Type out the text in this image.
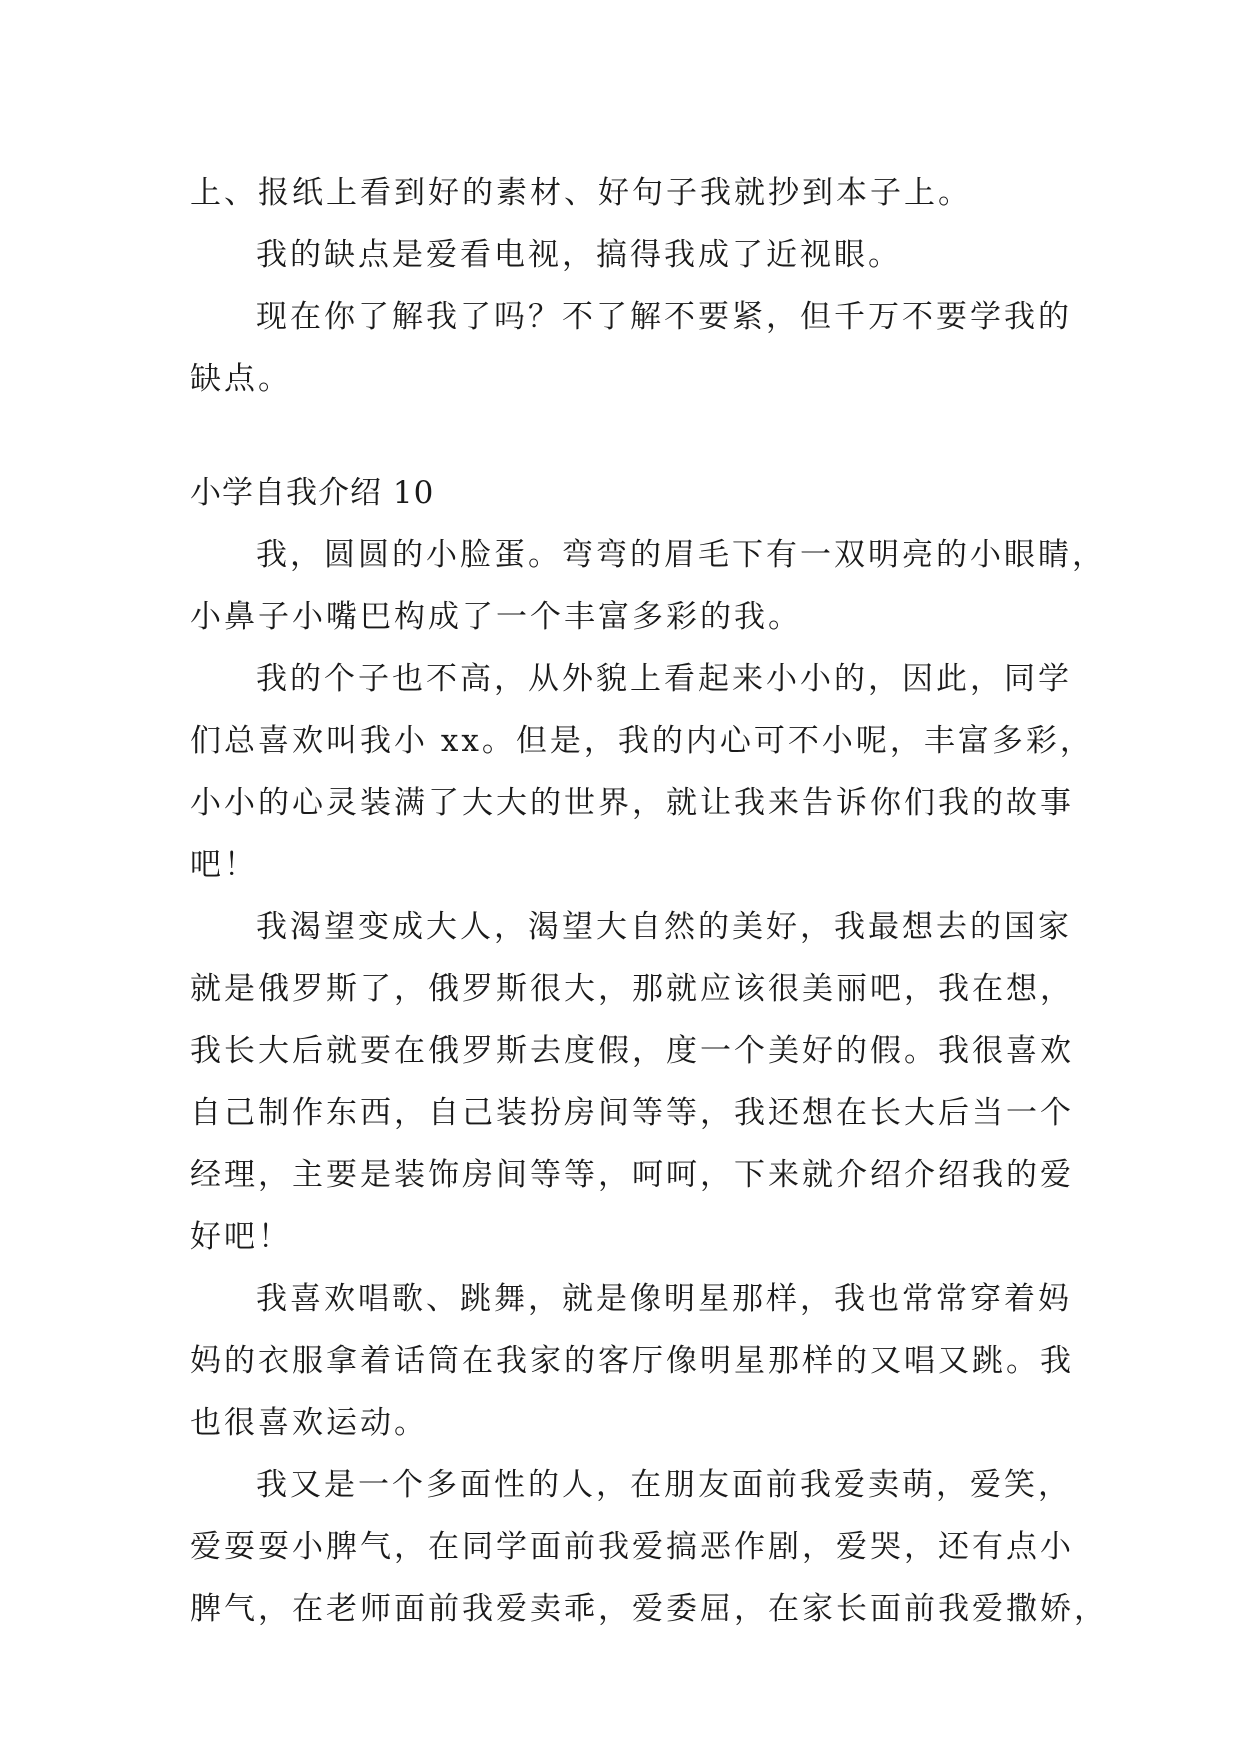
上、报纸上看到好的素材、好句子我就抄到本子上。
我的缺点是爱看电视，搞得我成了近视眼。
现在你了解我了吗？不了解不要紧，但千万不要学我的
缺点。
小学自我介绍 10
我，圆圆的小脸蛋。弯弯的眉毛下有一双明亮的小眼睛，
小鼻子小嘴巴构成了一个丰富多彩的我。
我的个子也不高，从外貌上看起来小小的，因此，同学
们总喜欢叫我小 xx。但是，我的内心可不小呢，丰富多彩，
小小的心灵装满了大大的世界，就让我来告诉你们我的故事
吧！
我渴望变成大人，渴望大自然的美好，我最想去的国家
就是俄罗斯了，俄罗斯很大，那就应该很美丽吧，我在想，
我长大后就要在俄罗斯去度假，度一个美好的假。我很喜欢
自己制作东西，自己装扮房间等等，我还想在长大后当一个
经理，主要是装饰房间等等，呵呵，下来就介绍介绍我的爱
好吧！
我喜欢唱歌、跳舞，就是像明星那样，我也常常穿着妈
妈的衣服拿着话筒在我家的客厅像明星那样的又唱又跳。我
也很喜欢运动。
我又是一个多面性的人，在朋友面前我爱卖萌，爱笑，
爱耍耍小脾气，在同学面前我爱搞恶作剧，爱哭，还有点小
脾气，在老师面前我爱卖乖，爱委屈，在家长面前我爱撒娇，
